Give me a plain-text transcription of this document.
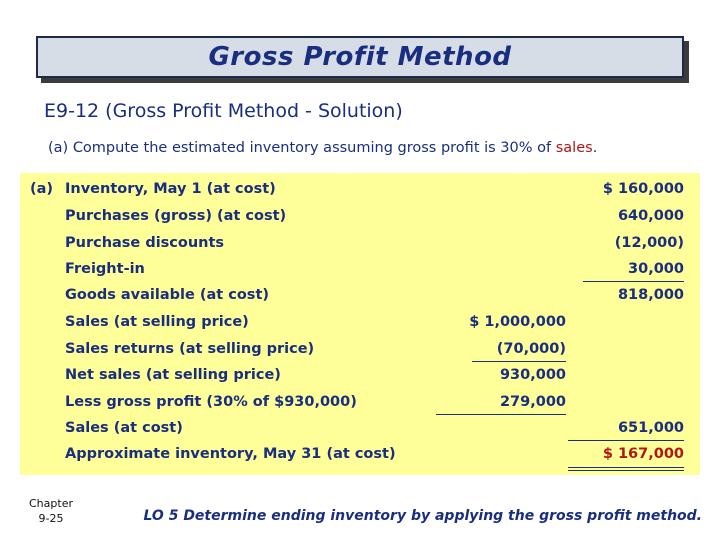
Gross Profit Method
E9-12 (Gross Profit Method - Solution)
(a) Compute the estimated inventory assuming gross profit is 30% of sales.
(a) Inventory, May 1 (at cost)	$ 160,000
Purchases (gross) (at cost)	640,000
Purchase discounts	(12,000)
Freight-in	30,000
Goods available (at cost)	818,000
Sales (at selling price)	$ 1,000,000
Sales returns (at selling price)	(70,000)
Net sales (at selling price)	930,000
Less gross profit (30% of $930,000)	279,000
Sales (at cost)	651,000
Approximate inventory, May 31 (at cost)	$ 167,000
Chapter
9-25	LO 5 Determine ending inventory by applying the gross profit method.
